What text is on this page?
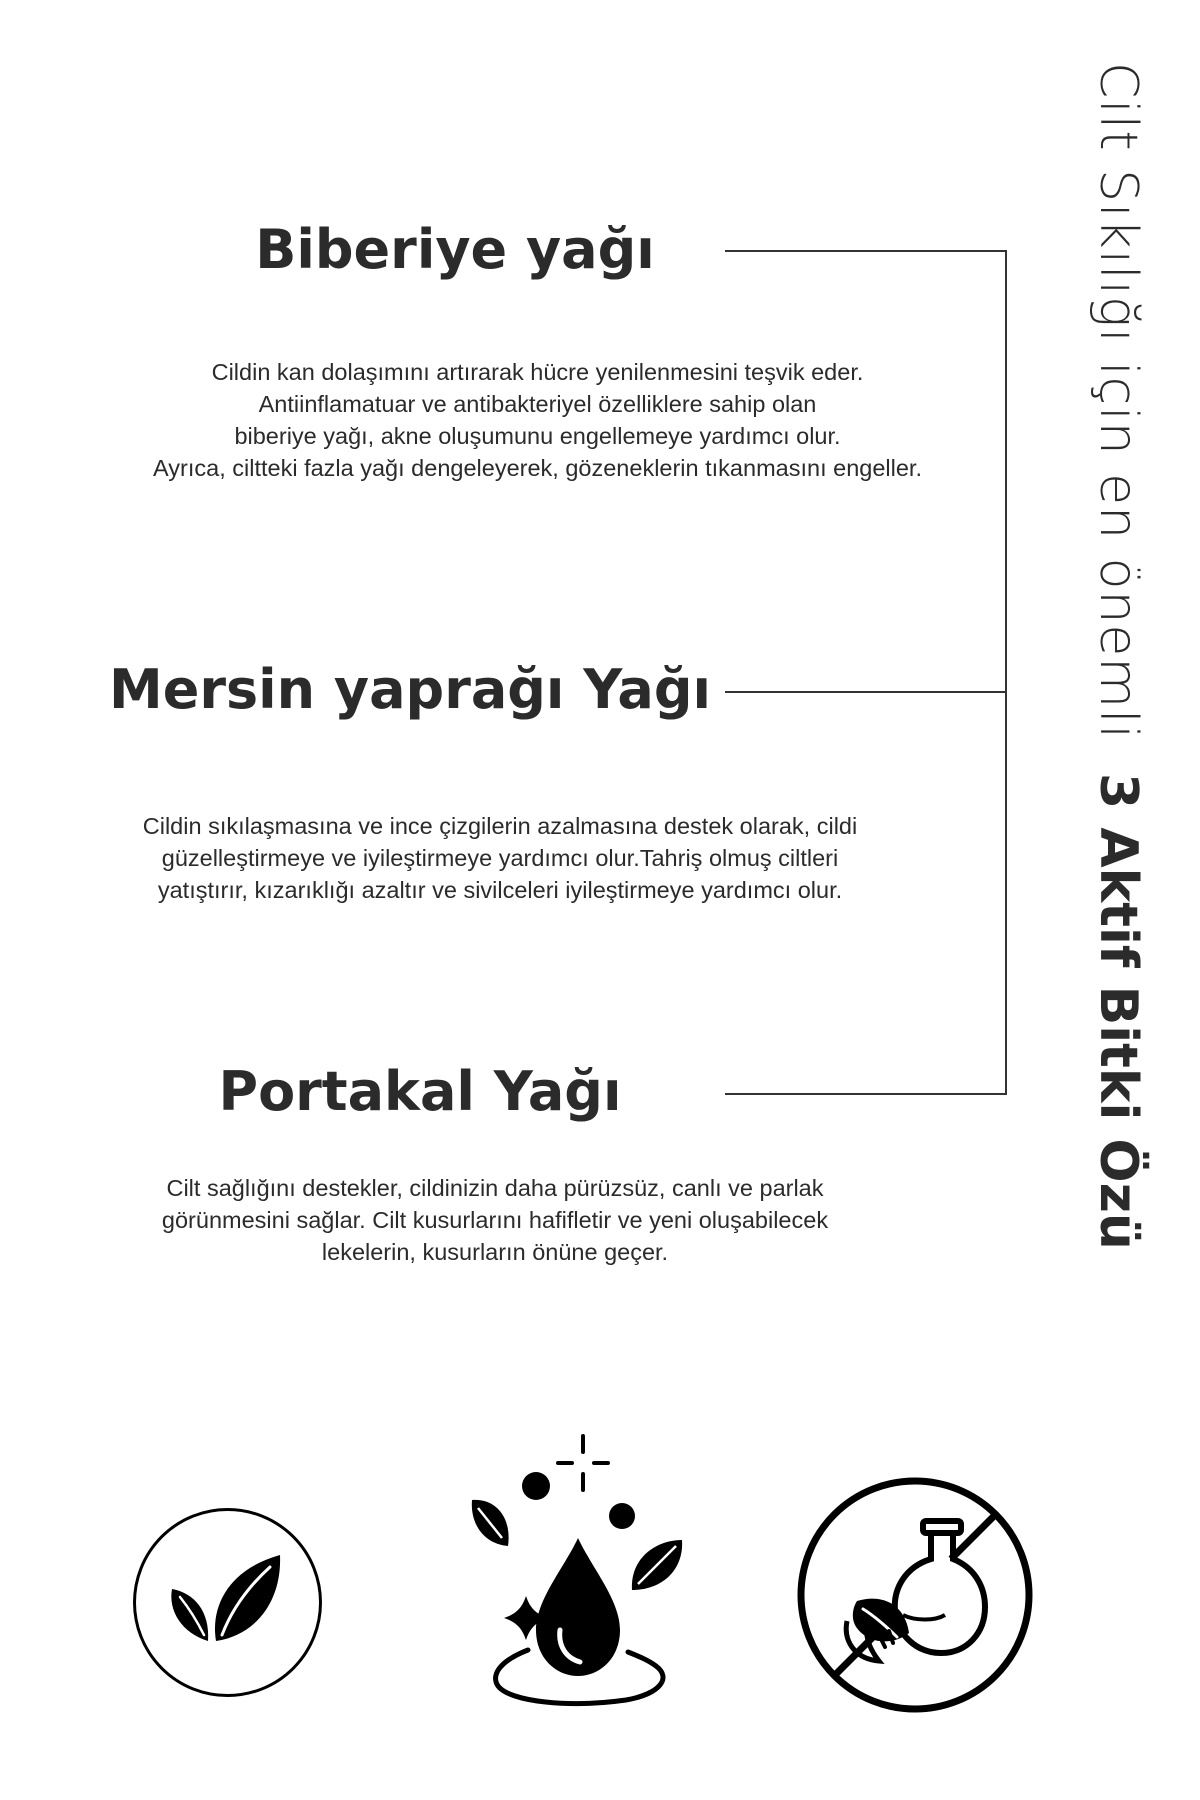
Cilt Sıkılığı için en önemli  3 Aktif Bitki Özü
Biberiye yağı
Cildin kan dolaşımını artırarak hücre yenilenmesini teşvik eder.
Antiinflamatuar ve antibakteriyel özelliklere sahip olan
biberiye yağı, akne oluşumunu engellemeye yardımcı olur.
Ayrıca, ciltteki fazla yağı dengeleyerek, gözeneklerin tıkanmasını engeller.
Mersin yaprağı Yağı
Cildin sıkılaşmasına ve ince çizgilerin azalmasına destek olarak, cildi
güzelleştirmeye ve iyileştirmeye yardımcı olur.Tahriş olmuş ciltleri
yatıştırır, kızarıklığı azaltır ve sivilceleri iyileştirmeye yardımcı olur.
Portakal Yağı
Cilt sağlığını destekler, cildinizin daha pürüzsüz, canlı ve parlak
görünmesini sağlar. Cilt kusurlarını hafifletir ve yeni oluşabilecek
lekelerin, kusurların önüne geçer.
